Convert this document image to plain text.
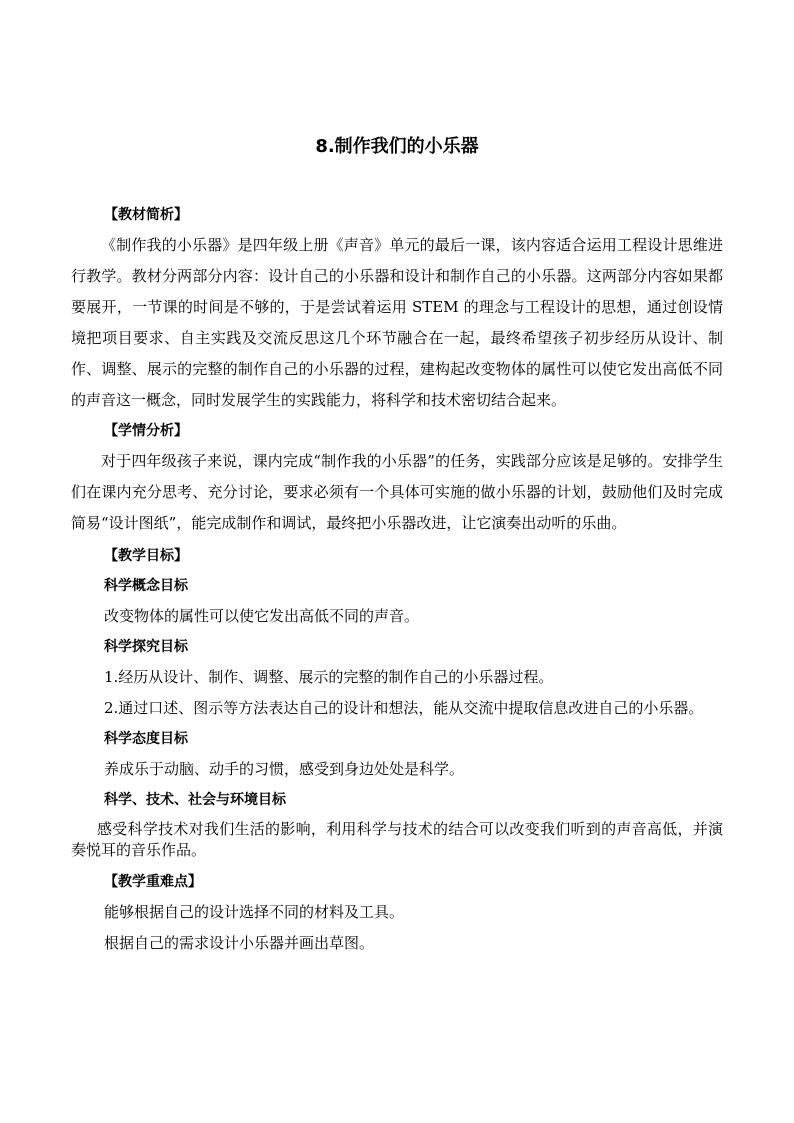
8.制作我们的小乐器
【教材简析】

《制作我的小乐器》是四年级上册《声音》单元的最后一课，该内容适合运用工程设计思维进行教学。教材分两部分内容：设计自己的小乐器和设计和制作自己的小乐器。这两部分内容如果都要展开，一节课的时间是不够的，于是尝试着运用 STEM 的理念与工程设计的思想，通过创设情境把项目要求、自主实践及交流反思这几个环节融合在一起，最终希望孩子初步经历从设计、制作、调整、展示的完整的制作自己的小乐器的过程，建构起改变物体的属性可以使它发出高低不同的声音这一概念，同时发展学生的实践能力，将科学和技术密切结合起来。

【学情分析】

对于四年级孩子来说，课内完成“制作我的小乐器”的任务，实践部分应该是足够的。安排学生们在课内充分思考、充分讨论，要求必须有一个具体可实施的做小乐器的计划，鼓励他们及时完成简易“设计图纸”，能完成制作和调试，最终把小乐器改进，让它演奏出动听的乐曲。

【教学目标】
科学概念目标

改变物体的属性可以使它发出高低不同的声音。

科学探究目标

1.经历从设计、制作、调整、展示的完整的制作自己的小乐器过程。

2.通过口述、图示等方法表达自己的设计和想法，能从交流中提取信息改进自己的小乐器。

科学态度目标

养成乐于动脑、动手的习惯，感受到身边处处是科学。

科学、技术、社会与环境目标

感受科学技术对我们生活的影响，利用科学与技术的结合可以改变我们听到的声音高低，并演奏悦耳的音乐作品。

【教学重难点】

能够根据自己的设计选择不同的材料及工具。

根据自己的需求设计小乐器并画出草图。
